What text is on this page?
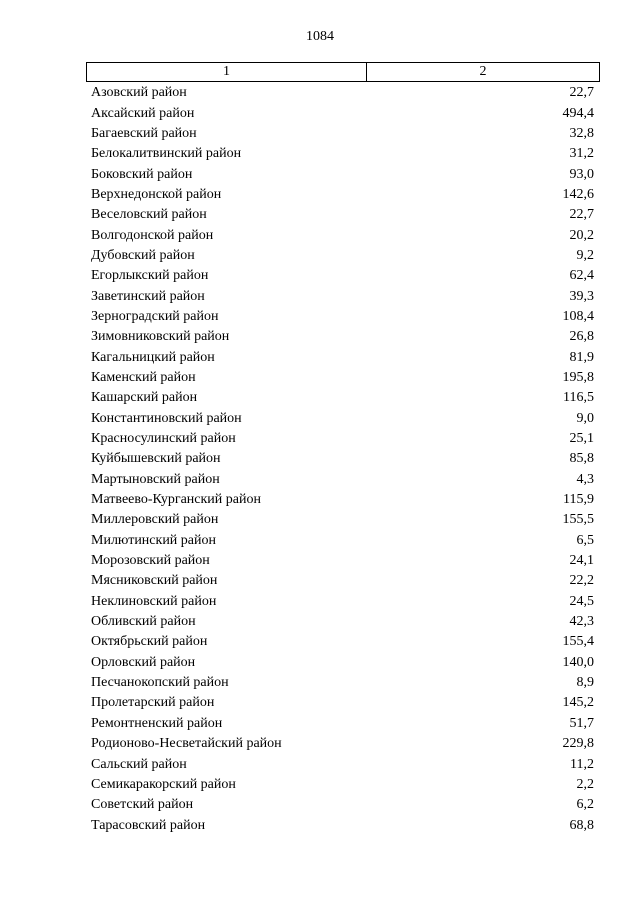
1084
1	2
Азовский район	22,7
Аксайский район	494,4
Багаевский район	32,8
Белокалитвинский район	31,2
Боковский район	93,0
Верхнедонской район	142,6
Веселовский район	22,7
Волгодонской район	20,2
Дубовский район	9,2
Егорлыкский район	62,4
Заветинский район	39,3
Зерноградский район	108,4
Зимовниковский район	26,8
Кагальницкий район	81,9
Каменский район	195,8
Кашарский район	116,5
Константиновский район	9,0
Красносулинский район	25,1
Куйбышевский район	85,8
Мартыновский район	4,3
Матвеево-Курганский район	115,9
Миллеровский район	155,5
Милютинский район	6,5
Морозовский район	24,1
Мясниковский район	22,2
Неклиновский район	24,5
Обливский район	42,3
Октябрьский район	155,4
Орловский район	140,0
Песчанокопский район	8,9
Пролетарский район	145,2
Ремонтненский район	51,7
Родионово-Несветайский район	229,8
Сальский район	11,2
Семикаракорский район	2,2
Советский район	6,2
Тарасовский район	68,8
